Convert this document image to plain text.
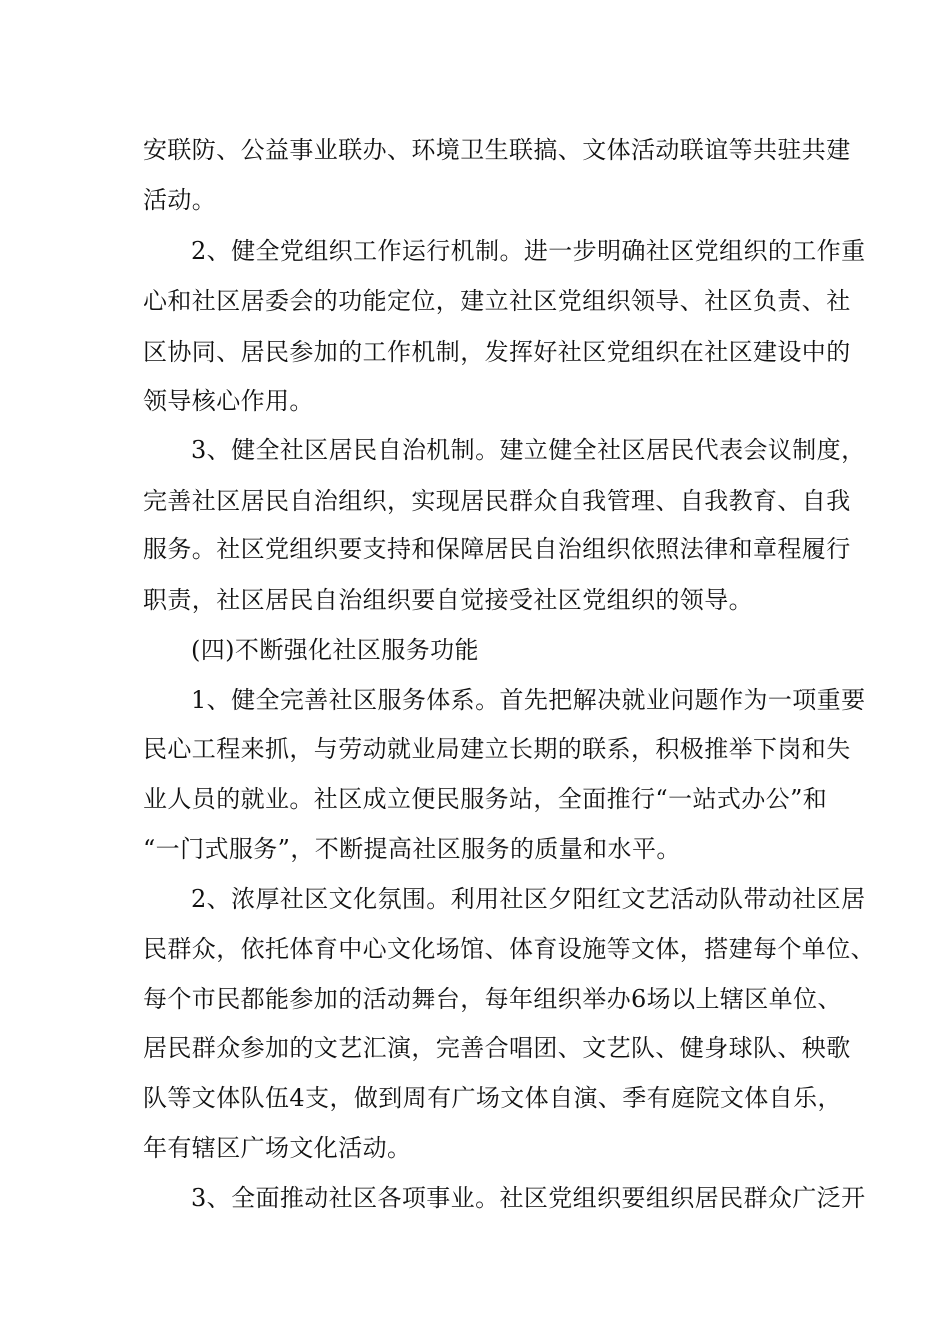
安联防、公益事业联办、环境卫生联搞、文体活动联谊等共驻共建
活动。
2、健全党组织工作运行机制。进一步明确社区党组织的工作重
心和社区居委会的功能定位，建立社区党组织领导、社区负责、社
区协同、居民参加的工作机制，发挥好社区党组织在社区建设中的
领导核心作用。
3、健全社区居民自治机制。建立健全社区居民代表会议制度，
完善社区居民自治组织，实现居民群众自我管理、自我教育、自我
服务。社区党组织要支持和保障居民自治组织依照法律和章程履行
职责，社区居民自治组织要自觉接受社区党组织的领导。
(四)不断强化社区服务功能
1、健全完善社区服务体系。首先把解决就业问题作为一项重要
民心工程来抓，与劳动就业局建立长期的联系，积极推举下岗和失
业人员的就业。社区成立便民服务站，全面推行“一站式办公”和
“一门式服务”，不断提高社区服务的质量和水平。
2、浓厚社区文化氛围。利用社区夕阳红文艺活动队带动社区居
民群众，依托体育中心文化场馆、体育设施等文体，搭建每个单位、
每个市民都能参加的活动舞台，每年组织举办6场以上辖区单位、
居民群众参加的文艺汇演，完善合唱团、文艺队、健身球队、秧歌
队等文体队伍4支，做到周有广场文体自演、季有庭院文体自乐，
年有辖区广场文化活动。
3、全面推动社区各项事业。社区党组织要组织居民群众广泛开
